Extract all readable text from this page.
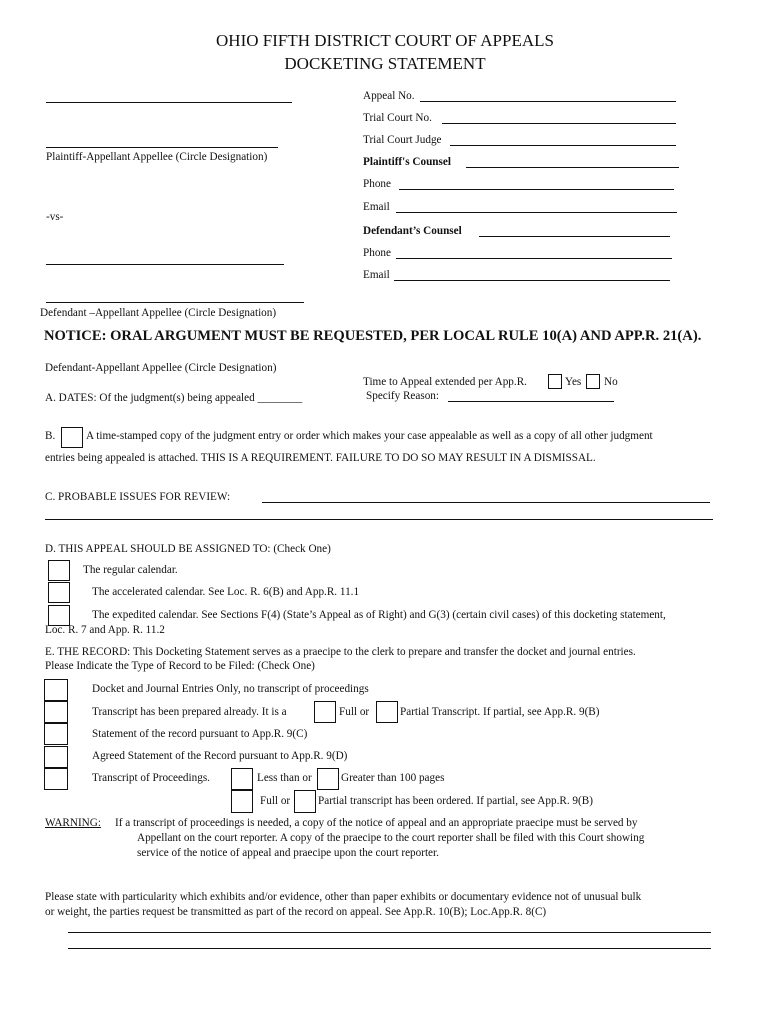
OHIO FIFTH DISTRICT COURT OF APPEALS
DOCKETING STATEMENT
Plaintiff-Appellant Appellee (Circle Designation)
-vs-
Defendant –Appellant Appellee (Circle Designation)
Appeal No.
Trial Court No.
Trial Court Judge
Plaintiff's Counsel
Phone
Email
Defendant’s Counsel
Phone
Email
NOTICE: ORAL ARGUMENT MUST BE REQUESTED, PER LOCAL RULE 10(A) AND APP.R. 21(A).
Defendant-Appellant Appellee (Circle Designation)
A. DATES: Of the judgment(s) being appealed ________
Time to Appeal extended per App.R.	Yes No
Specify Reason:
B.	A time-stamped copy of the judgment entry or order which makes your case appealable as well as a copy of all other judgment
entries being appealed is attached. THIS IS A REQUIREMENT. FAILURE TO DO SO MAY RESULT IN A DISMISSAL.
C. PROBABLE ISSUES FOR REVIEW:
D. THIS APPEAL SHOULD BE ASSIGNED TO: (Check One)
The regular calendar.
The accelerated calendar. See Loc. R. 6(B) and App.R. 11.1
The expedited calendar. See Sections F(4) (State’s Appeal as of Right) and G(3) (certain civil cases) of this docketing statement,
Loc. R. 7 and App. R. 11.2
E. THE RECORD: This Docketing Statement serves as a praecipe to the clerk to prepare and transfer the docket and journal entries.
Please Indicate the Type of Record to be Filed: (Check One)
Docket and Journal Entries Only, no transcript of proceedings
Transcript has been prepared already. It is a	Full or	Partial Transcript. If partial, see App.R. 9(B)
Statement of the record pursuant to App.R. 9(C)
Agreed Statement of the Record pursuant to App.R. 9(D)
Transcript of Proceedings.	Less than or	Greater than 100 pages
Full or Partial transcript has been ordered. If partial, see App.R. 9(B)
WARNING: If a transcript of proceedings is needed, a copy of the notice of appeal and an appropriate praecipe must be served by
Appellant on the court reporter. A copy of the praecipe to the court reporter shall be filed with this Court showing
service of the notice of appeal and praecipe upon the court reporter.
Please state with particularity which exhibits and/or evidence, other than paper exhibits or documentary evidence not of unusual bulk
or weight, the parties request be transmitted as part of the record on appeal. See App.R. 10(B); Loc.App.R. 8(C)
